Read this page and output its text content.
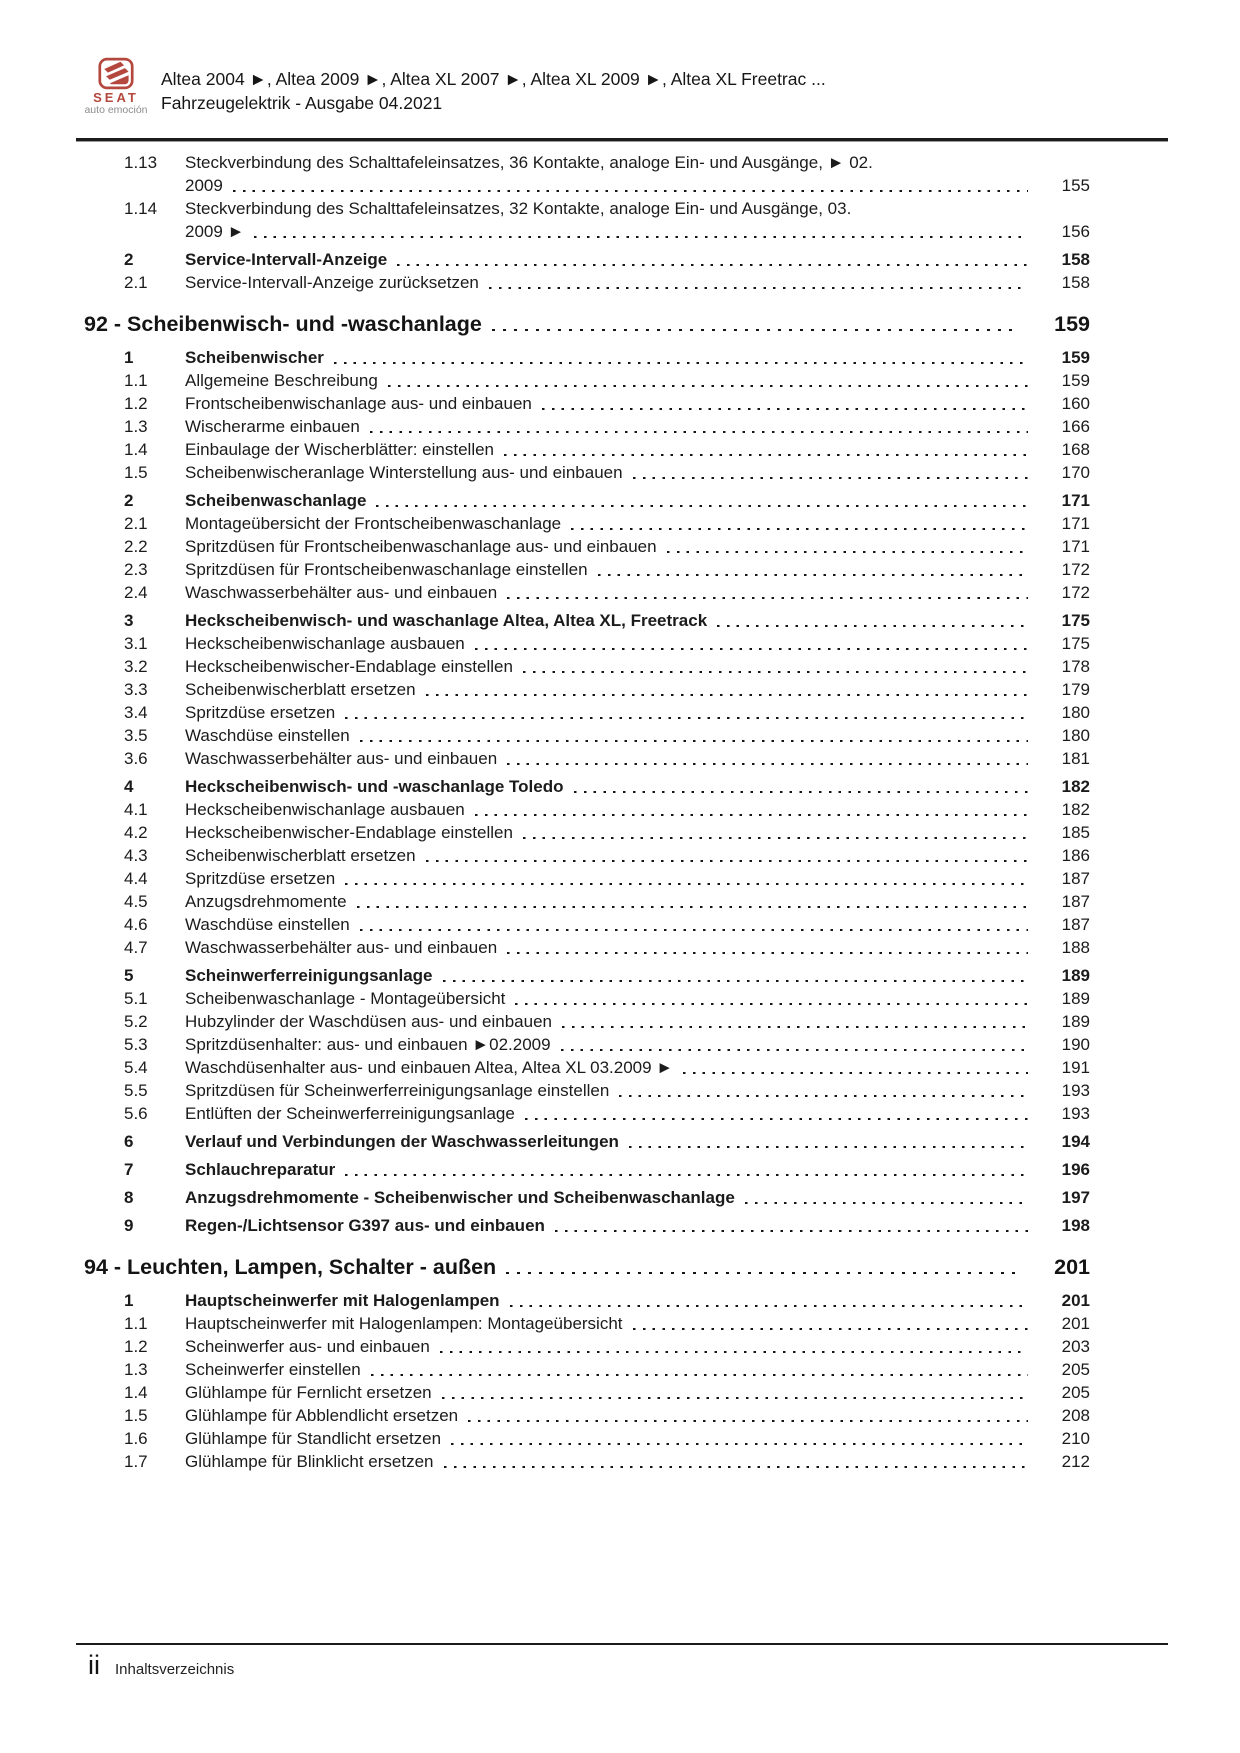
SEAT
auto emoción
Altea 2004 ►, Altea 2009 ►, Altea XL 2007 ►, Altea XL 2009 ►, Altea XL Freetrac ...
Fahrzeugelektrik - Ausgabe 04.2021
1.13	Steckverbindung des Schalttafeleinsatzes, 36 Kontakte, analoge Ein- und Ausgänge, ► 02.
2009	155
1.14	Steckverbindung des Schalttafeleinsatzes, 32 Kontakte, analoge Ein- und Ausgänge, 03.
2009 ►	156
2	Service-Intervall-Anzeige	158
2.1	Service-Intervall-Anzeige zurücksetzen	158
92 - Scheibenwisch- und -waschanlage	159
1	Scheibenwischer	159
1.1	Allgemeine Beschreibung	159
1.2	Frontscheibenwischanlage aus- und einbauen	160
1.3	Wischerarme einbauen	166
1.4	Einbaulage der Wischerblätter: einstellen	168
1.5	Scheibenwischeranlage Winterstellung aus- und einbauen	170
2	Scheibenwaschanlage	171
2.1	Montageübersicht der Frontscheibenwaschanlage	171
2.2	Spritzdüsen für Frontscheibenwaschanlage aus- und einbauen	171
2.3	Spritzdüsen für Frontscheibenwaschanlage einstellen	172
2.4	Waschwasserbehälter aus- und einbauen	172
3	Heckscheibenwisch- und waschanlage Altea, Altea XL, Freetrack	175
3.1	Heckscheibenwischanlage ausbauen	175
3.2	Heckscheibenwischer-Endablage einstellen	178
3.3	Scheibenwischerblatt ersetzen	179
3.4	Spritzdüse ersetzen	180
3.5	Waschdüse einstellen	180
3.6	Waschwasserbehälter aus- und einbauen	181
4	Heckscheibenwisch- und -waschanlage Toledo	182
4.1	Heckscheibenwischanlage ausbauen	182
4.2	Heckscheibenwischer-Endablage einstellen	185
4.3	Scheibenwischerblatt ersetzen	186
4.4	Spritzdüse ersetzen	187
4.5	Anzugsdrehmomente	187
4.6	Waschdüse einstellen	187
4.7	Waschwasserbehälter aus- und einbauen	188
5	Scheinwerferreinigungsanlage	189
5.1	Scheibenwaschanlage - Montageübersicht	189
5.2	Hubzylinder der Waschdüsen aus- und einbauen	189
5.3	Spritzdüsenhalter: aus- und einbauen ►02.2009	190
5.4	Waschdüsenhalter aus- und einbauen Altea, Altea XL 03.2009 ►	191
5.5	Spritzdüsen für Scheinwerferreinigungsanlage einstellen	193
5.6	Entlüften der Scheinwerferreinigungsanlage	193
6	Verlauf und Verbindungen der Waschwasserleitungen	194
7	Schlauchreparatur	196
8	Anzugsdrehmomente - Scheibenwischer und Scheibenwaschanlage	197
9	Regen-/Lichtsensor G397 aus- und einbauen	198
94 - Leuchten, Lampen, Schalter - außen	201
1	Hauptscheinwerfer mit Halogenlampen	201
1.1	Hauptscheinwerfer mit Halogenlampen: Montageübersicht	201
1.2	Scheinwerfer aus- und einbauen	203
1.3	Scheinwerfer einstellen	205
1.4	Glühlampe für Fernlicht ersetzen	205
1.5	Glühlampe für Abblendlicht ersetzen	208
1.6	Glühlampe für Standlicht ersetzen	210
1.7	Glühlampe für Blinklicht ersetzen	212
ii Inhaltsverzeichnis
